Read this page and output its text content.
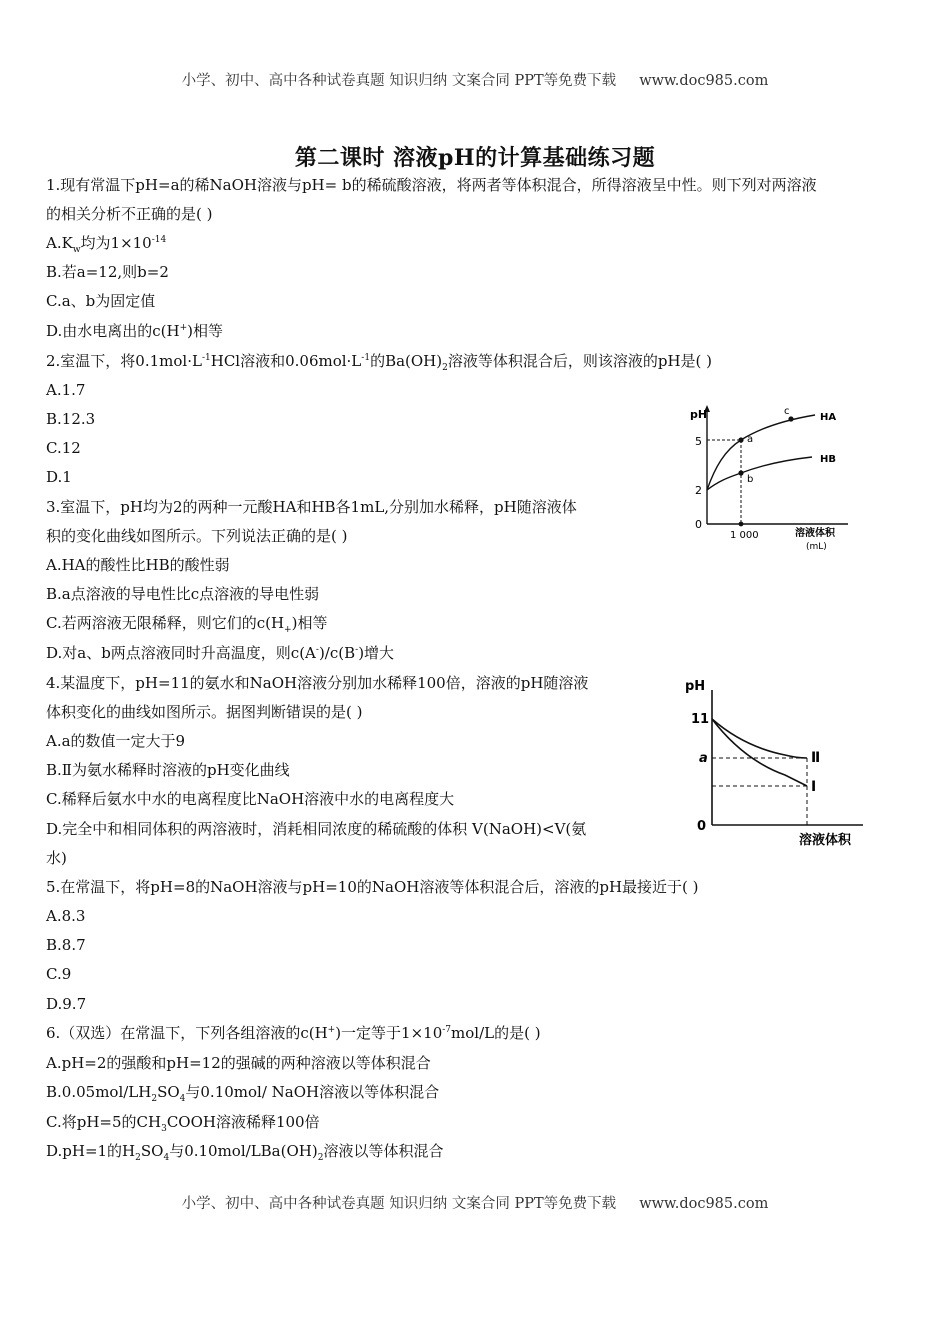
小学、初中、高中各种试卷真题 知识归纳 文案合同 PPT等免费下载 www.doc985.com
小学、初中、高中各种试卷真题 知识归纳 文案合同 PPT等免费下载 www.doc985.com
第二课时 溶液pH的计算基础练习题
1.现有常温下pH=a的稀NaOH溶液与pH= b的稀硫酸溶液，将两者等体积混合，所得溶液呈中性。则下列对两溶液
的相关分析不正确的是( )
$A.K_w$均为$1\times 10^{-14}$
B.若a=12,则b=2
C.a、b为固定值
D.由水电离出的c(H+)相等
2.室温下，将$0.1mol\cdot L^{-1}HCl$溶液和$0.06mol\cdot L^{-1}$的$Ba(OH)_2$溶液等体积混合后，则该溶液的pH是( )
A.1.7
B.12.3
C.12
D.1
3.室温下，pH均为2的两种一元酸HA和HB各1mL,分别加水稀释，pH随溶液体
积的变化曲线如图所示。下列说法正确的是( )
A.HA的酸性比HB的酸性弱
B.a点溶液的导电性比c点溶液的导电性弱
C.若两溶液无限稀释，则它们的$c(H_+)$相等
D.对a、b两点溶液同时升高温度，则c(A-)/c(B-)增大
4.某温度下，pH=11的氨水和NaOH溶液分别加水稀释100倍，溶液的pH随溶液
体积变化的曲线如图所示。据图判断错误的是( )
A.a的数值一定大于9
B.Ⅱ为氨水稀释时溶液的pH变化曲线
C.稀释后氨水中水的电离程度比NaOH溶液中水的电离程度大
D.完全中和相同体积的两溶液时，消耗相同浓度的稀硫酸的体积 V(NaOH)<V(氨
水)
5.在常温下，将pH=8的NaOH溶液与pH=10的NaOH溶液等体积混合后，溶液的pH最接近于( )
A.8.3
B.8.7
C.9
D.9.7
6.（双选）在常温下，下列各组溶液的c(H+)一定等于$1\times 10^{-7}mol/L$的是( )
A.pH=2的强酸和pH=12的强碱的两种溶液以等体积混合
$B.0.05mol/LH_2SO_4$与0.10mol/ NaOH溶液以等体积混合
C.将pH=5的$CH_3COOH$溶液稀释100倍
D.pH=1的$H_2SO_4$与$0.10mol/LBa(OH)_2$溶液以等体积混合
pH
5
2
0
1 000	溶液体积
(mL)
a
b
c
HA
HB
pH
11
a
0
溶液体积
Ⅱ
I
